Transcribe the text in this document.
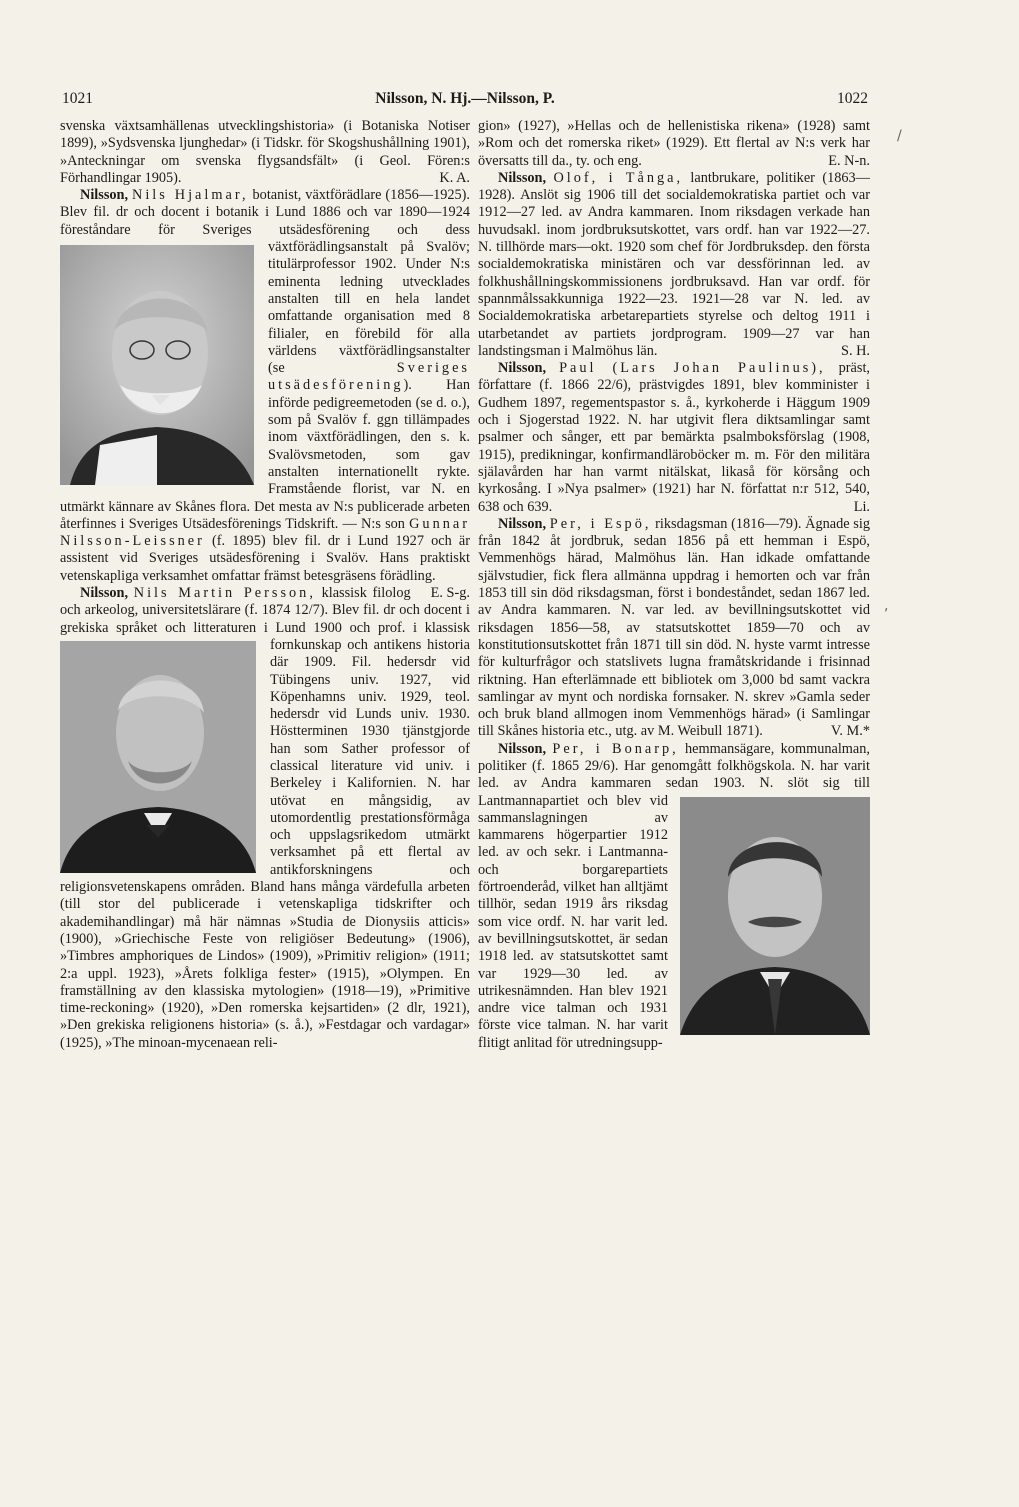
1021	Nilsson, N. Hj.—Nilsson, P.	1022

svenska växtsamhällenas utvecklingshistoria» (i Botaniska Notiser 1899), »Sydsvenska ljunghedar» (i Tidskr. för Skogshushållning 1901), »Anteckningar om svenska flygsandsfält» (i Geol. Fören:s Förhandlingar 1905).	K. A.

Nilsson, Nils Hjalmar, botanist, växtförädlare (1856—1925). Blev fil. dr och docent i botanik i Lund 1886 och var 1890—1924 föreståndare för Sveriges utsädesförening och
dess växtförädlingsanstalt på Svalöv; titulärprofessor 1902. Under N:s eminenta ledning utvecklades anstalten till en hela landet omfattande organisation med 8 filialer, en förebild för alla världens växtförädlingsanstalter (se Sveriges utsädesförening). Han införde pedigreemetoden (se d. o.), som på Svalöv f. ggn tillämpades inom växtförädlingen, den s. k. Svalövsmetoden, som gav anstalten internationellt rykte. Framstående florist, var N. en utmärkt kännare av Skånes flora. Det mesta av N:s publicerade arbeten återfinnes i Sveriges Utsädesförenings Tidskrift. — N:s son Gunnar Nilsson-Leissner (f. 1895) blev fil. dr i Lund 1927 och är assistent vid Sveriges utsädesförening i Svalöv. Hans praktiskt vetenskapliga verksamhet omfattar främst betesgräsens förädling.
E. S-g.

Nilsson, Nils Martin Persson, klassisk filolog och arkeolog, universitetslärare (f. 1874 12/7). Blev fil. dr och docent i grekiska språket och litteraturen i Lund 1900
och prof. i klassisk fornkunskap och antikens historia där 1909. Fil. hedersdr vid Tübingens univ. 1927, vid Köpenhamns univ. 1929, teol. hedersdr vid Lunds univ. 1930. Höstterminen 1930 tjänstgjorde han som Sather professor of classical literature vid univ. i Berkeley i Kalifornien. N. har utövat en mångsidig, av utomordentlig prestationsförmåga och uppslagsrikedom utmärkt verksamhet på ett flertal av antikforskningens och religionsvetenskapens områden. Bland hans många värdefulla arbeten (till stor del publicerade i vetenskapliga tidskrifter och akademihandlingar) må här nämnas »Studia de Dionysiis atticis» (1900), »Griechische Feste von religiöser Bedeutung» (1906), »Timbres amphoriques de Lindos» (1909), »Primitiv religion» (1911; 2:a uppl. 1923), »Årets folkliga fester» (1915), »Olympen. En framställning av den klassiska mytologien» (1918—19), »Primitive time-reckoning» (1920), »Den romerska kejsartiden» (2 dlr, 1921), »Den grekiska religionens historia» (s. å.), »Festdagar och vardagar» (1925), »The minoan-mycenaean reli-

gion» (1927), »Hellas och de hellenistiska rikena» (1928) samt »Rom och det romerska riket» (1929). Ett flertal av N:s verk har översatts till da., ty. och eng.	E. N-n.

Nilsson, Olof, i Tånga, lantbrukare, politiker (1863—1928). Anslöt sig 1906 till det socialdemokratiska partiet och var 1912—27 led. av Andra kammaren. Inom riksdagen verkade han huvudsakl. inom jordbruksutskottet, vars ordf. han var 1922—27. N. tillhörde mars—okt. 1920 som chef för Jordbruksdep. den första socialdemokratiska ministären och var dessförinnan led. av folkhushållningskommissionens jordbruksavd. Han var ordf. för spannmålssakkunniga 1922—23. 1921—28 var N. led. av Socialdemokratiska arbetarepartiets styrelse och deltog 1911 i utarbetandet av partiets jordprogram. 1909—27 var han landstingsman i Malmöhus län.	S. H.

Nilsson, Paul (Lars Johan Paulinus), präst, författare (f. 1866 22/6), prästvigdes 1891, blev komminister i Gudhem 1897, regementspastor s. å., kyrkoherde i Häggum 1909 och i Sjogerstad 1922. N. har utgivit flera diktsamlingar samt psalmer och sånger, ett par bemärkta psalmboksförslag (1908, 1915), predikningar, konfirmandläroböcker m. m. För den militära själavården har han varmt nitälskat, likaså för körsång och kyrkosång. I »Nya psalmer» (1921) har N. författat n:r 512, 540, 638 och 639.	Li.

Nilsson, Per, i Espö, riksdagsman (1816—79). Ägnade sig från 1842 åt jordbruk, sedan 1856 på ett hemman i Espö, Vemmenhögs härad, Malmöhus län. Han idkade omfattande självstudier, fick flera allmänna uppdrag i hemorten och var från 1853 till sin död riksdagsman, först i bondeståndet, sedan 1867 led. av Andra kammaren. N. var led. av bevillningsutskottet vid riksdagen 1856—58, av statsutskottet 1859—70 och av konstitutionsutskottet från 1871 till sin död. N. hyste varmt intresse för kulturfrågor och statslivets lugna framåtskridande i frisinnad riktning. Han efterlämnade ett bibliotek om 3,000 bd samt vackra samlingar av mynt och nordiska fornsaker. N. skrev »Gamla seder och bruk bland allmogen inom Vemmenhögs härad» (i Samlingar till Skånes historia etc., utg. av M. Weibull 1871).	V. M.*

Nilsson, Per, i Bonarp, hemmansägare, kommunalman, politiker (f. 1865 29/6). Har genomgått folkhögskola. N. har varit led. av Andra kammaren sedan 1903. N. slöt sig till
Lantmannapartiet och blev vid sammanslagningen av kammarens högerpartier 1912 led. av och sekr. i Lantmanna- och borgarepartiets förtroenderåd, vilket han alltjämt tillhör, sedan 1919 års riksdag som vice ordf. N. har varit led. av bevillningsutskottet, är sedan 1918 led. av statsutskottet samt var 1929—30 led. av utrikesnämnden. Han blev 1921 andre vice talman och 1931 förste vice talman. N. har varit flitigt anlitad för utredningsupp-

/
,
